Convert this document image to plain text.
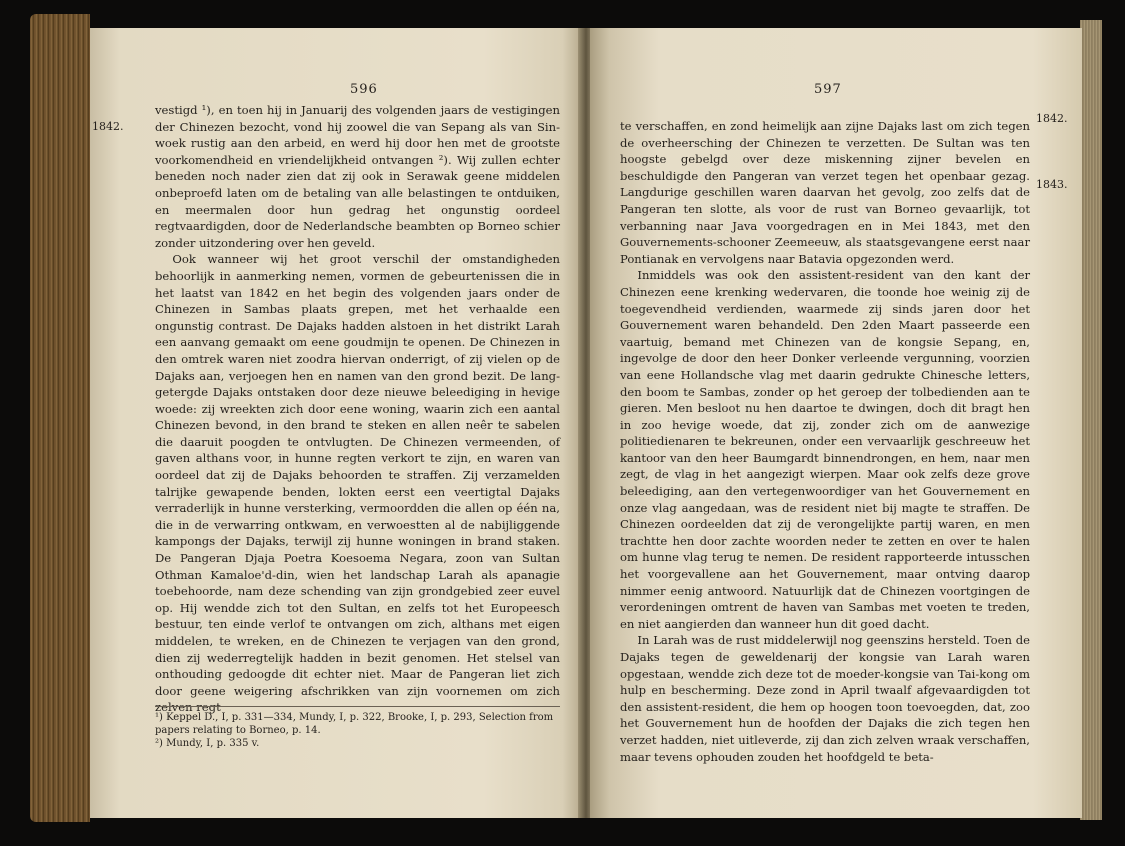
596
1842.

vestigd ¹), en toen hij in Januarij des volgenden jaars de vestigingen der Chinezen bezocht, vond hij zoowel die van Sepang als van Sin-woek rustig aan den arbeid, en werd hij door hen met de grootste voorkomendheid en vriendelijkheid ontvangen ²). Wij zullen echter beneden noch nader zien dat zij ook in Serawak geene middelen onbeproefd laten om de betaling van alle belastingen te ontduiken, en meermalen door hun gedrag het ongunstig oordeel regtvaardigden, door de Nederlandsche beambten op Borneo schier zonder uitzondering over hen geveld.

Ook wanneer wij het groot verschil der omstandigheden behoorlijk in aanmerking nemen, vormen de gebeurtenissen die in het laatst van 1842 en het begin des volgenden jaars onder de Chinezen in Sambas plaats grepen, met het verhaalde een ongunstig contrast. De Dajaks hadden alstoen in het distrikt Larah een aanvang gemaakt om eene goudmijn te openen. De Chinezen in den omtrek waren niet zoodra hiervan onderrigt, of zij vielen op de Dajaks aan, verjoegen hen en namen van den grond bezit. De lang-getergde Dajaks ontstaken door deze nieuwe beleediging in hevige woede: zij wreekten zich door eene woning, waarin zich een aantal Chinezen bevond, in den brand te steken en allen neêr te sabelen die daaruit poogden te ontvlugten. De Chinezen vermeenden, of gaven althans voor, in hunne regten verkort te zijn, en waren van oordeel dat zij de Dajaks behoorden te straffen. Zij verzamelden talrijke gewapende benden, lokten eerst een veertigtal Dajaks verraderlijk in hunne versterking, vermoordden die allen op één na, die in de verwarring ontkwam, en verwoestten al de nabijliggende kampongs der Dajaks, terwijl zij hunne woningen in brand staken. De Pangeran Djaja Poetra Koesoema Negara, zoon van Sultan Othman Kamaloe'd-din, wien het landschap Larah als apanagie toebehoorde, nam deze schending van zijn grondgebied zeer euvel op. Hij wendde zich tot den Sultan, en zelfs tot het Europeesch bestuur, ten einde verlof te ontvangen om zich, althans met eigen middelen, te wreken, en de Chinezen te verjagen van den grond, dien zij wederregtelijk hadden in bezit genomen. Het stelsel van onthouding gedoogde dit echter niet. Maar de Pangeran liet zich door geene weigering afschrikken van zijn voornemen om zich zelven regt

¹) Keppel D., I, p. 331—334, Mundy, I, p. 322, Brooke, I, p. 293, Selection from papers relating to Borneo, p. 14.
²) Mundy, I, p. 335 v.
597
1842.
1843.

te verschaffen, en zond heimelijk aan zijne Dajaks last om zich tegen de overheersching der Chinezen te verzetten. De Sultan was ten hoogste gebelgd over deze miskenning zijner bevelen en beschuldigde den Pangeran van verzet tegen het openbaar gezag. Langdurige geschillen waren daarvan het gevolg, zoo zelfs dat de Pangeran ten slotte, als voor de rust van Borneo gevaarlijk, tot verbanning naar Java voorgedragen en in Mei 1843, met den Gouvernements-schooner Zeemeeuw, als staatsgevangene eerst naar Pontianak en vervolgens naar Batavia opgezonden werd.

Inmiddels was ook den assistent-resident van den kant der Chinezen eene krenking wedervaren, die toonde hoe weinig zij de toegevendheid verdienden, waarmede zij sinds jaren door het Gouvernement waren behandeld. Den 2den Maart passeerde een vaartuig, bemand met Chinezen van de kongsie Sepang, en, ingevolge de door den heer Donker verleende vergunning, voorzien van eene Hollandsche vlag met daarin gedrukte Chinesche letters, den boom te Sambas, zonder op het geroep der tolbedienden aan te gieren. Men besloot nu hen daartoe te dwingen, doch dit bragt hen in zoo hevige woede, dat zij, zonder zich om de aanwezige politiedienaren te bekreunen, onder een vervaarlijk geschreeuw het kantoor van den heer Baumgardt binnendrongen, en hem, naar men zegt, de vlag in het aangezigt wierpen. Maar ook zelfs deze grove beleediging, aan den vertegenwoordiger van het Gouvernement en onze vlag aangedaan, was de resident niet bij magte te straffen. De Chinezen oordeelden dat zij de verongelijkte partij waren, en men trachtte hen door zachte woorden neder te zetten en over te halen om hunne vlag terug te nemen. De resident rapporteerde intusschen het voorgevallene aan het Gouvernement, maar ontving daarop nimmer eenig antwoord. Natuurlijk dat de Chinezen voortgingen de verordeningen omtrent de haven van Sambas met voeten te treden, en niet aangierden dan wanneer hun dit goed dacht.

In Larah was de rust middelerwijl nog geenszins hersteld. Toen de Dajaks tegen de geweldenarij der kongsie van Larah waren opgestaan, wendde zich deze tot de moeder-kongsie van Tai-kong om hulp en bescherming. Deze zond in April twaalf afgevaardigden tot den assistent-resident, die hem op hoogen toon toevoegden, dat, zoo het Gouvernement hun de hoofden der Dajaks die zich tegen hen verzet hadden, niet uitleverde, zij dan zich zelven wraak verschaffen, maar tevens ophouden zouden het hoofdgeld te beta-
